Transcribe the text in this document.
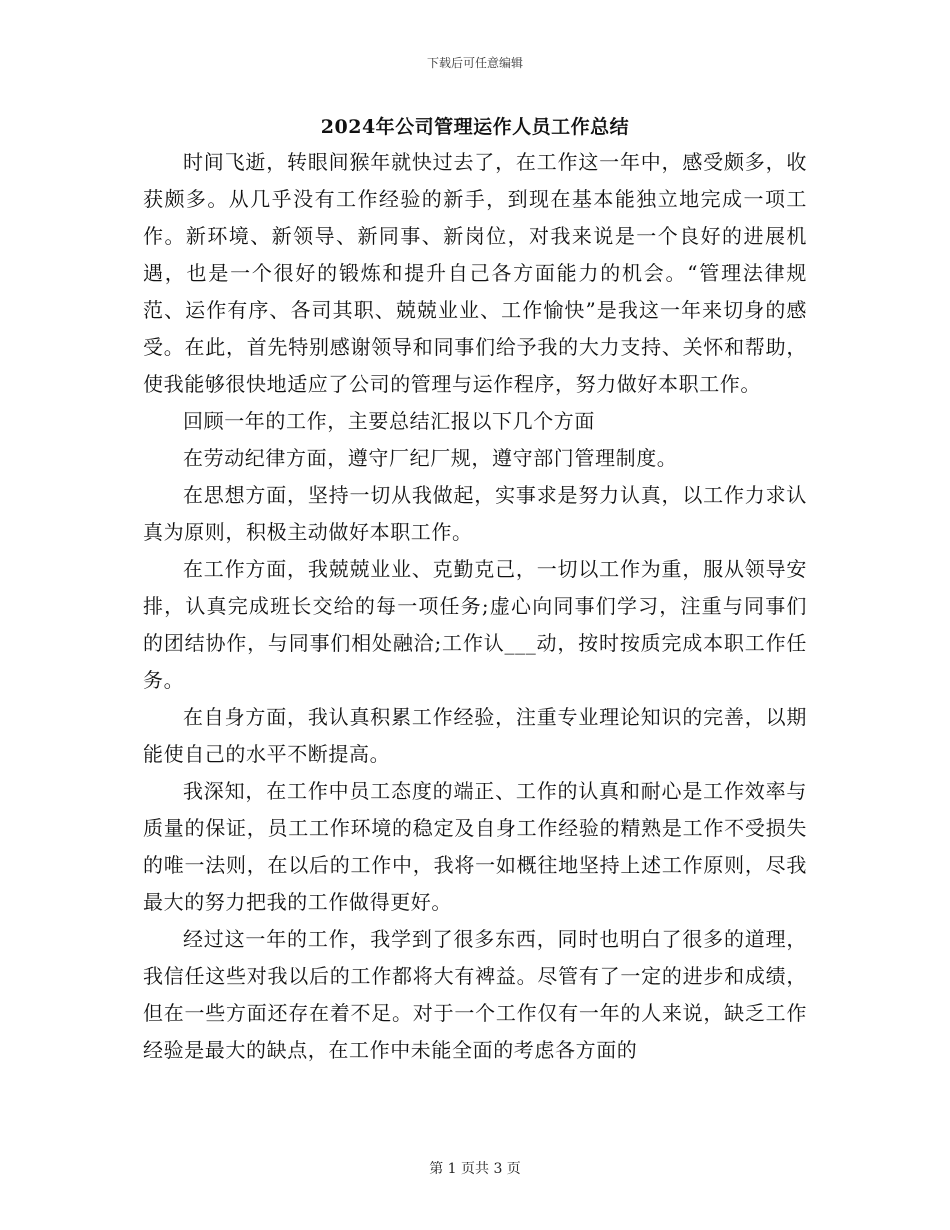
下载后可任意编辑
2024年公司管理运作人员工作总结

时间飞逝，转眼间猴年就快过去了，在工作这一年中，感受颇多，收获颇多。从几乎没有工作经验的新手，到现在基本能独立地完成一项工作。新环境、新领导、新同事、新岗位，对我来说是一个良好的进展机遇，也是一个很好的锻炼和提升自己各方面能力的机会。“管理法律规范、运作有序、各司其职、兢兢业业、工作愉快”是我这一年来切身的感受。在此，首先特别感谢领导和同事们给予我的大力支持、关怀和帮助，使我能够很快地适应了公司的管理与运作程序，努力做好本职工作。

回顾一年的工作，主要总结汇报以下几个方面

在劳动纪律方面，遵守厂纪厂规，遵守部门管理制度。

在思想方面，坚持一切从我做起，实事求是努力认真，以工作力求认真为原则，积极主动做好本职工作。

在工作方面，我兢兢业业、克勤克己，一切以工作为重，服从领导安排，认真完成班长交给的每一项任务;虚心向同事们学习，注重与同事们的团结协作，与同事们相处融洽;工作认___动，按时按质完成本职工作任务。

在自身方面，我认真积累工作经验，注重专业理论知识的完善，以期能使自己的水平不断提高。

我深知，在工作中员工态度的端正、工作的认真和耐心是工作效率与质量的保证，员工工作环境的稳定及自身工作经验的精熟是工作不受损失的唯一法则，在以后的工作中，我将一如概往地坚持上述工作原则，尽我最大的努力把我的工作做得更好。

经过这一年的工作，我学到了很多东西，同时也明白了很多的道理，我信任这些对我以后的工作都将大有裨益。尽管有了一定的进步和成绩，但在一些方面还存在着不足。对于一个工作仅有一年的人来说，缺乏工作经验是最大的缺点，在工作中未能全面的考虑各方面的

第 1 页共 3 页
